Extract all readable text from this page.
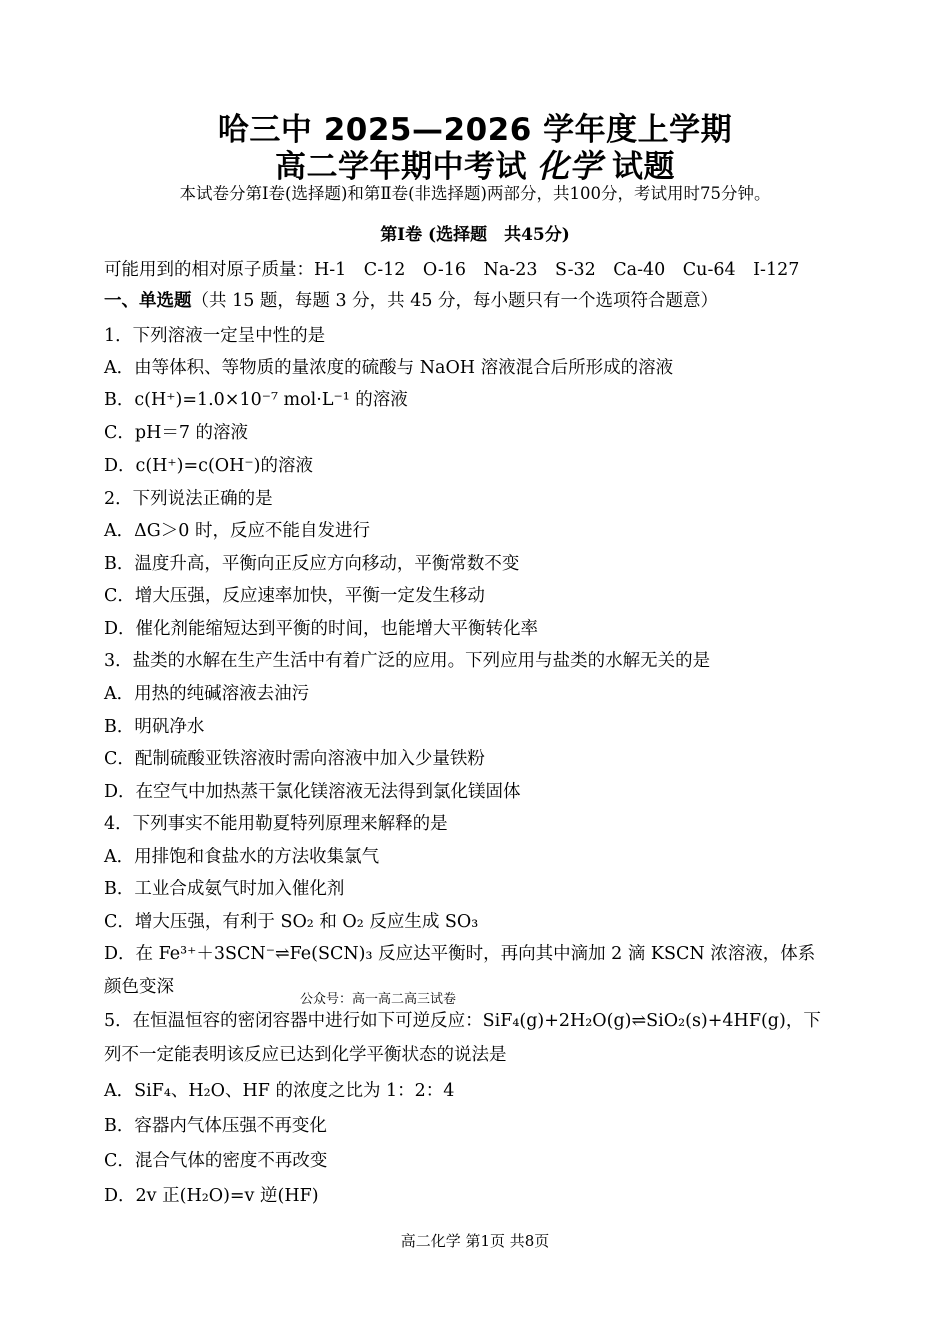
哈三中 2025—2026 学年度上学期
高二学年期中考试 化学 试题
本试卷分第Ⅰ卷(选择题)和第Ⅱ卷(非选择题)两部分，共100分，考试用时75分钟。
第Ⅰ卷 (选择题　共45分)
可能用到的相对原子质量：H-1　C-12　O-16　Na-23　S-32　Ca-40　Cu-64　I-127
一、单选题（共 15 题，每题 3 分，共 45 分，每小题只有一个选项符合题意）
1．下列溶液一定呈中性的是
A．由等体积、等物质的量浓度的硫酸与 NaOH 溶液混合后所形成的溶液
B．c(H⁺)=1.0×10⁻⁷ mol·L⁻¹ 的溶液
C．pH＝7 的溶液
D．c(H⁺)=c(OH⁻)的溶液
2．下列说法正确的是
A．ΔG＞0 时，反应不能自发进行
B．温度升高，平衡向正反应方向移动，平衡常数不变
C．增大压强，反应速率加快，平衡一定发生移动
D．催化剂能缩短达到平衡的时间，也能增大平衡转化率
3．盐类的水解在生产生活中有着广泛的应用。下列应用与盐类的水解无关的是
A．用热的纯碱溶液去油污
B．明矾净水
C．配制硫酸亚铁溶液时需向溶液中加入少量铁粉
D．在空气中加热蒸干氯化镁溶液无法得到氯化镁固体
4．下列事实不能用勒夏特列原理来解释的是
A．用排饱和食盐水的方法收集氯气
B．工业合成氨气时加入催化剂
C．增大压强，有利于 SO₂ 和 O₂ 反应生成 SO₃
D．在 Fe³⁺＋3SCN⁻⇌Fe(SCN)₃ 反应达平衡时，再向其中滴加 2 滴 KSCN 浓溶液，体系
颜色变深
公众号：高一高二高三试卷
5．在恒温恒容的密闭容器中进行如下可逆反应：SiF₄(g)+2H₂O(g)⇌SiO₂(s)+4HF(g)，下
列不一定能表明该反应已达到化学平衡状态的说法是
A．SiF₄、H₂O、HF 的浓度之比为 1：2：4
B．容器内气体压强不再变化
C．混合气体的密度不再改变
D．2v 正(H₂O)=v 逆(HF)
高二化学 第1页 共8页
